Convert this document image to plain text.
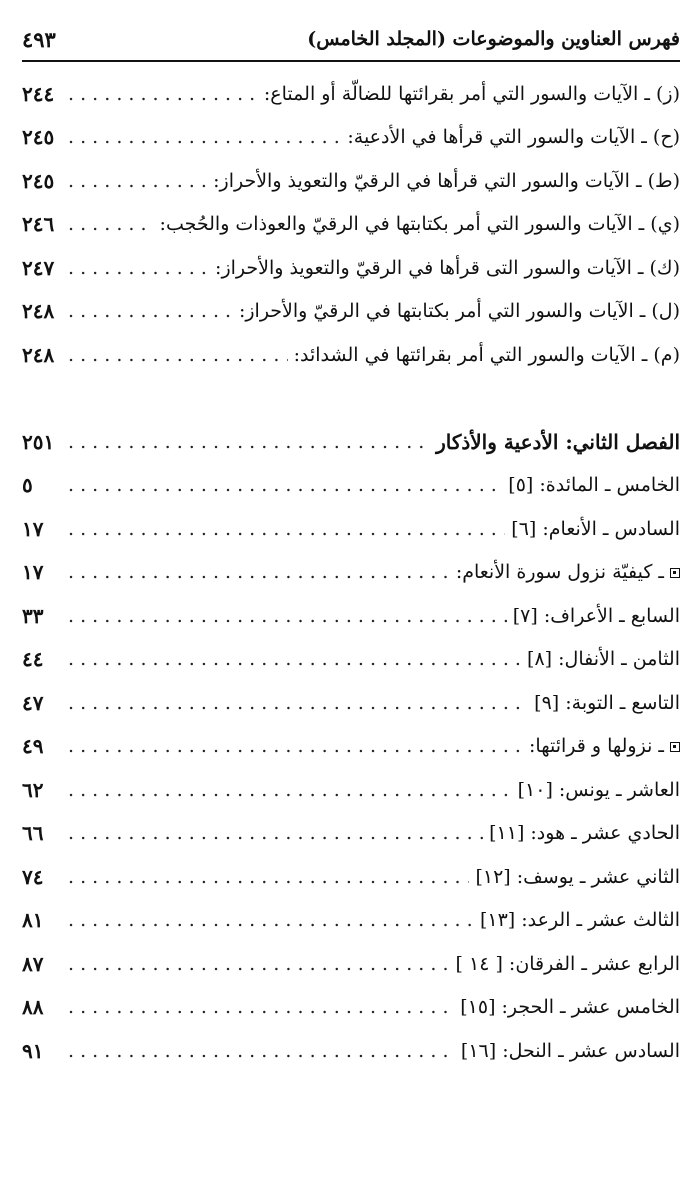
فهرس العناوين والموضوعات (المجلد الخامس)
٤٩٣
(ز) ـ الآيات والسور التي أمر بقرائتها للضالّة أو المتاع:
. . .
٢٤٤
(ح) ـ الآيات والسور التي قرأها في الأدعية:
. . .
٢٤٥
(ط) ـ الآيات والسور التي قرأها في الرقيّ والتعويذ والأحراز:
. . .
٢٤٥
(ي) ـ الآيات والسور التي أمر بكتابتها في الرقيّ والعوذات والحُجب:
. . .
٢٤٦
(ك) ـ الآيات والسور التى قرأها في الرقيّ والتعويذ والأحراز:
. . .
٢٤٧
(ل) ـ الآيات والسور التي أمر بكتابتها في الرقيّ والأحراز:
. . .
٢٤٨
(م) ـ الآيات والسور التي أمر بقرائتها في الشدائد:
. . .
٢٤٨
الفصل الثاني: الأدعية والأذكار
. . .
٢٥١
الخامس ـ المائدة: [٥]
. . .
٥
السادس ـ الأنعام: [٦]
. . .
١٧
ـ كيفيّة نزول سورة الأنعام:
. . .
١٧
السابع ـ الأعراف: [٧]
. . .
٣٣
الثامن ـ الأنفال: [٨]
. . .
٤٤
التاسع ـ التوبة: [٩]
. . .
٤٧
ـ نزولها و قرائتها:
. . .
٤٩
العاشر ـ يونس: [١٠]
. . .
٦٢
الحادي عشر ـ هود: [١١]
. . .
٦٦
الثاني عشر ـ يوسف: [١٢]
. . .
٧٤
الثالث عشر ـ الرعد: [١٣]
. . .
٨١
الرابع عشر ـ الفرقان: [ ١٤ ]
. . .
٨٧
الخامس عشر ـ الحجر: [١٥]
. . .
٨٨
السادس عشر ـ النحل: [١٦]
. . .
٩١
